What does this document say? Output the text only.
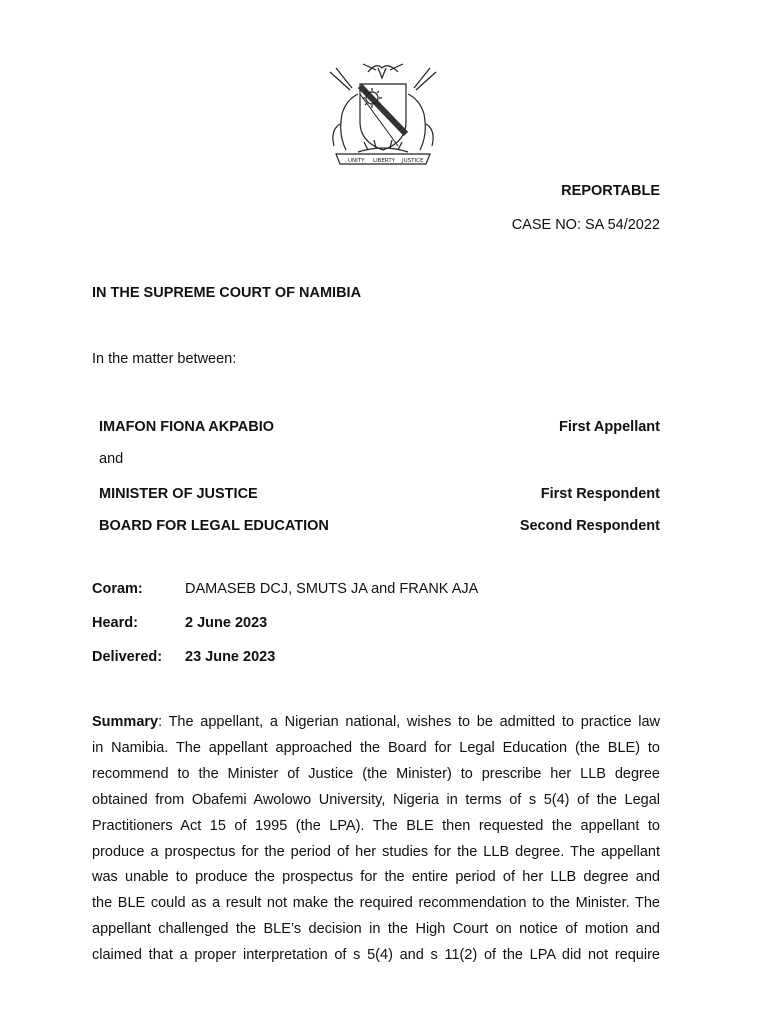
UNITY LIBERTY JUSTICE
REPORTABLE
CASE NO: SA 54/2022
IN THE SUPREME COURT OF NAMIBIA
In the matter between:
IMAFON FIONA AKPABIO	First Appellant
and
MINISTER OF JUSTICE	First Respondent
BOARD FOR LEGAL EDUCATION	Second Respondent
Coram:	DAMASEB DCJ, SMUTS JA and FRANK AJA
Heard:	2 June 2023
Delivered: 23 June 2023
Summary: The appellant, a Nigerian national, wishes to be admitted to practice law
in Namibia. The appellant approached the Board for Legal Education (the BLE) to
recommend to the Minister of Justice (the Minister) to prescribe her LLB degree
obtained from Obafemi Awolowo University, Nigeria in terms of s 5(4) of the Legal
Practitioners Act 15 of 1995 (the LPA). The BLE then requested the appellant to
produce a prospectus for the period of her studies for the LLB degree. The appellant
was unable to produce the prospectus for the entire period of her LLB degree and
the BLE could as a result not make the required recommendation to the Minister. The
appellant challenged the BLE’s decision in the High Court on notice of motion and
claimed that a proper interpretation of s 5(4) and s 11(2) of the LPA did not require
